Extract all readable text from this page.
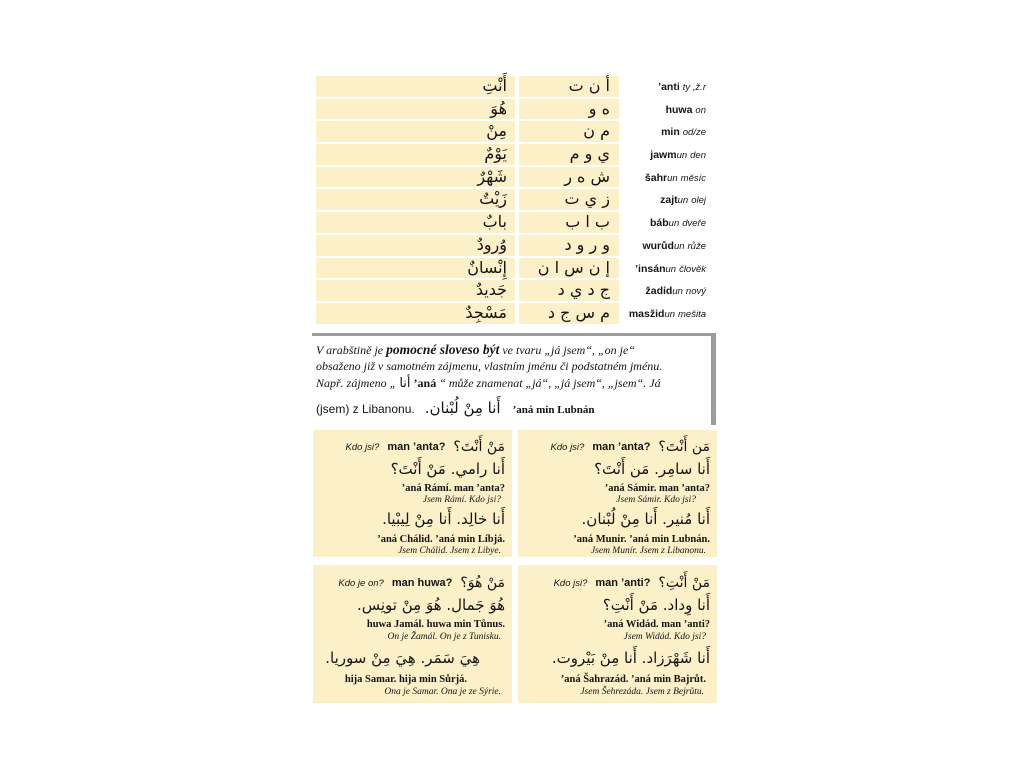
أَنْتِ	أ ن ت	’anti ty ,ž.r
هُوَ	ه و	huwa on
مِنْ	م ن	min od/ze
يَوْمٌ	ي و م	jawmun den
شَهْرٌ	ش ه ر	šahrun měsíc
زَيْتٌ	ز ي ت	zajtun olej
بابٌ	ب ا ب	bábun dveře
وُرودٌ	و ر و د	wurůdun růže
إِنْسانٌ	إ ن س ا ن	’insánun člověk
جَديدٌ	ج د ي د	žadídun nový
مَسْجِدٌ	م س ج د	masžidun mešita
V arabštině je pomocné sloveso být ve tvaru „já jsem“, „on je“
obsaženo již v samotném zájmenu, vlastním jménu či podstatném jménu.
Např. zájmeno „ أنا ’aná “ může znamenat „já“, „já jsem“, „jsem“. Já
(jsem) z Libanonu. أَنا مِنْ لُبْنان. ’aná min Lubnán
Kdo jsi? man ’anta? مَنْ أَنْتَ؟
أَنا رامي. مَنْ أَنْتَ؟
’aná Rámí. man ’anta?
Jsem Rámí. Kdo jsi?
أَنا خالِد. أَنا مِنْ لِيبْيا.
’aná Chálid. ’aná min Líbjá.
Jsem Chálid. Jsem z Libye.
Kdo jsi? man ’anta? مَن أَنْتَ؟
أَنا سامِر. مَن أَنْتَ؟
’aná Sámir. man ’anta?
Jsem Sámir. Kdo jsi?
أَنا مُنير. أَنا مِنْ لُبْنان.
’aná Munír. ’aná min Lubnán.
Jsem Munír. Jsem z Libanonu.
Kdo je on? man huwa? مَنْ هُوَ؟
هُوَ جَمال. هُوَ مِنْ تونِس.
huwa Jamál. huwa min Tůnus.
On je Žamál. On je z Tunisku.
هِيَ سَمَر. هِيَ مِنْ سوريا.
hija Samar. hija min Sůrjá.
Ona je Samar. Ona je ze Sýrie.
Kdo jsi? man ’anti? مَنْ أَنْتِ؟
أَنا وِداد. مَنْ أَنْتِ؟
’aná Widád. man ’anti?
Jsem Widád. Kdo jsi?
أَنا شَهْرَزاد. أَنا مِنْ بَيْروت.
’aná Šahrazád. ’aná min Bajrůt.
Jsem Šehrezáda. Jsem z Bejrůtu.
